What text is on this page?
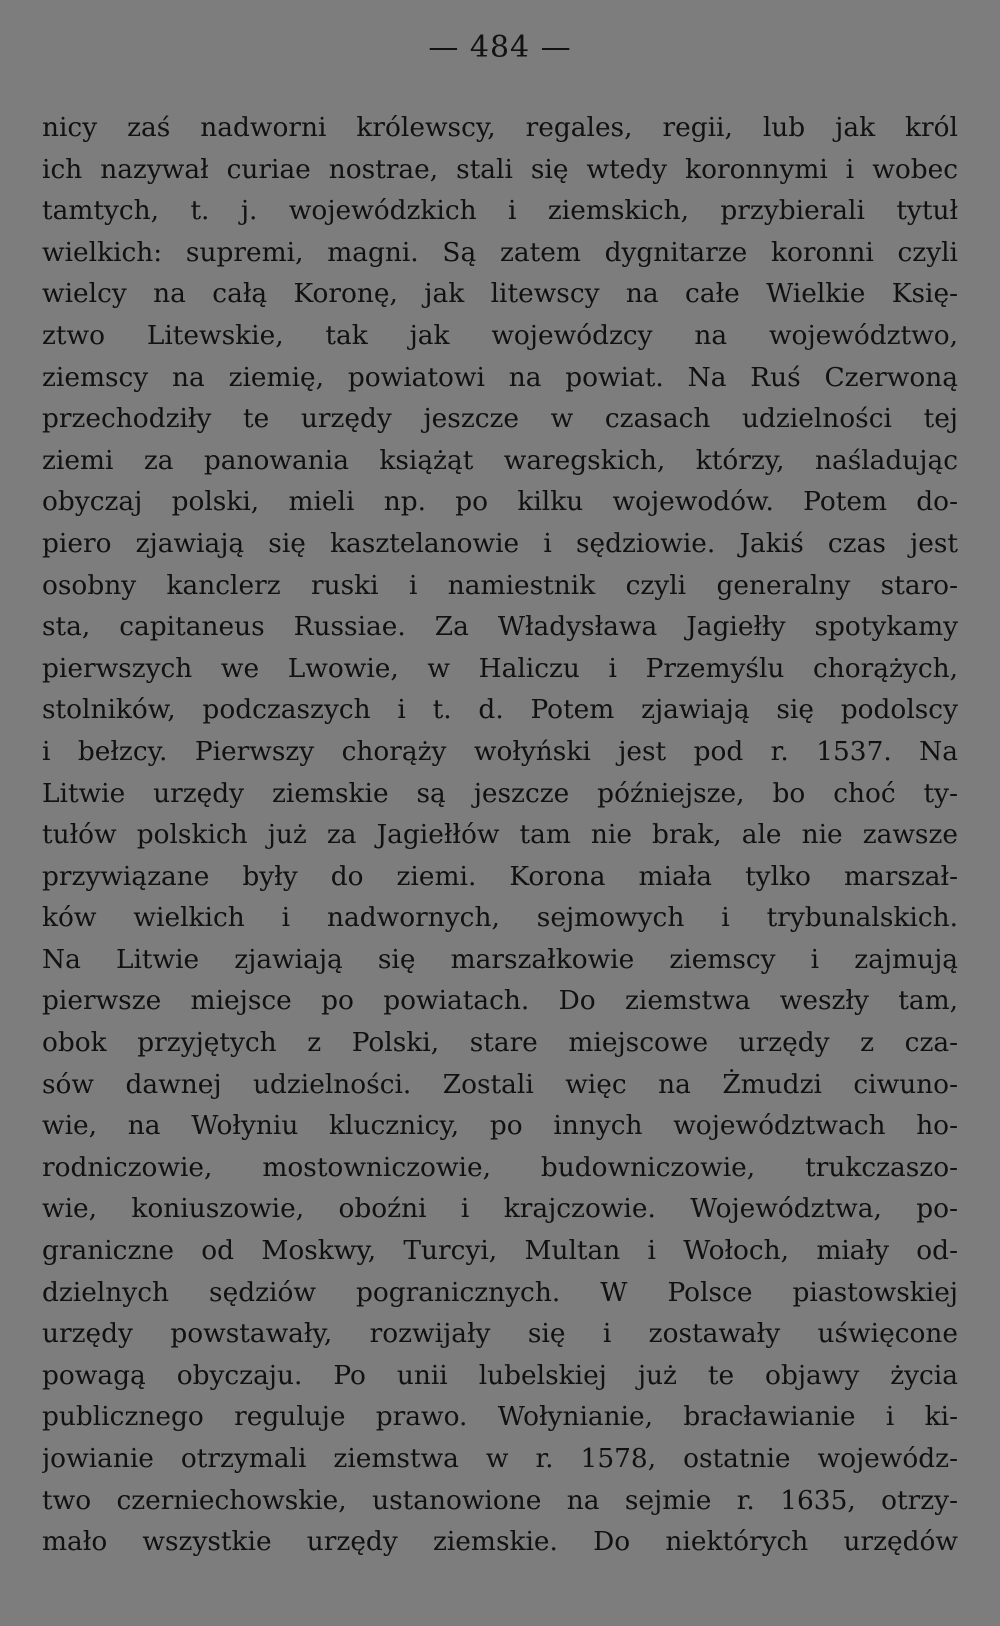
— 484 —
nicy zaś nadworni królewscy, regales, regii, lub jak król
ich nazywał curiae nostrae, stali się wtedy koronnymi i wobec
tamtych, t. j. wojewódzkich i ziemskich, przybierali tytuł
wielkich: supremi, magni. Są zatem dygnitarze koronni czyli
wielcy na całą Koronę, jak litewscy na całe Wielkie Księ-
ztwo Litewskie, tak jak wojewódzcy na województwo,
ziemscy na ziemię, powiatowi na powiat. Na Ruś Czerwoną
przechodziły te urzędy jeszcze w czasach udzielności tej
ziemi za panowania książąt waregskich, którzy, naśladując
obyczaj polski, mieli np. po kilku wojewodów. Potem do-
piero zjawiają się kasztelanowie i sędziowie. Jakiś czas jest
osobny kanclerz ruski i namiestnik czyli generalny staro-
sta, capitaneus Russiae. Za Władysława Jagiełły spotykamy
pierwszych we Lwowie, w Haliczu i Przemyślu chorążych,
stolników, podczaszych i t. d. Potem zjawiają się podolscy
i bełzcy. Pierwszy chorąży wołyński jest pod r. 1537. Na
Litwie urzędy ziemskie są jeszcze późniejsze, bo choć ty-
tułów polskich już za Jagiełłów tam nie brak, ale nie zawsze
przywiązane były do ziemi. Korona miała tylko marszał-
ków wielkich i nadwornych, sejmowych i trybunalskich.
Na Litwie zjawiają się marszałkowie ziemscy i zajmują
pierwsze miejsce po powiatach. Do ziemstwa weszły tam,
obok przyjętych z Polski, stare miejscowe urzędy z cza-
sów dawnej udzielności. Zostali więc na Żmudzi ciwuno-
wie, na Wołyniu klucznicy, po innych województwach ho-
rodniczowie, mostowniczowie, budowniczowie, trukczaszo-
wie, koniuszowie, oboźni i krajczowie. Województwa, po-
graniczne od Moskwy, Turcyi, Multan i Wołoch, miały od-
dzielnych sędziów pogranicznych. W Polsce piastowskiej
urzędy powstawały, rozwijały się i zostawały uświęcone
powagą obyczaju. Po unii lubelskiej już te objawy życia
publicznego reguluje prawo. Wołynianie, bracławianie i ki-
jowianie otrzymali ziemstwa w r. 1578, ostatnie wojewódz-
two czerniechowskie, ustanowione na sejmie r. 1635, otrzy-
mało wszystkie urzędy ziemskie. Do niektórych urzędów
